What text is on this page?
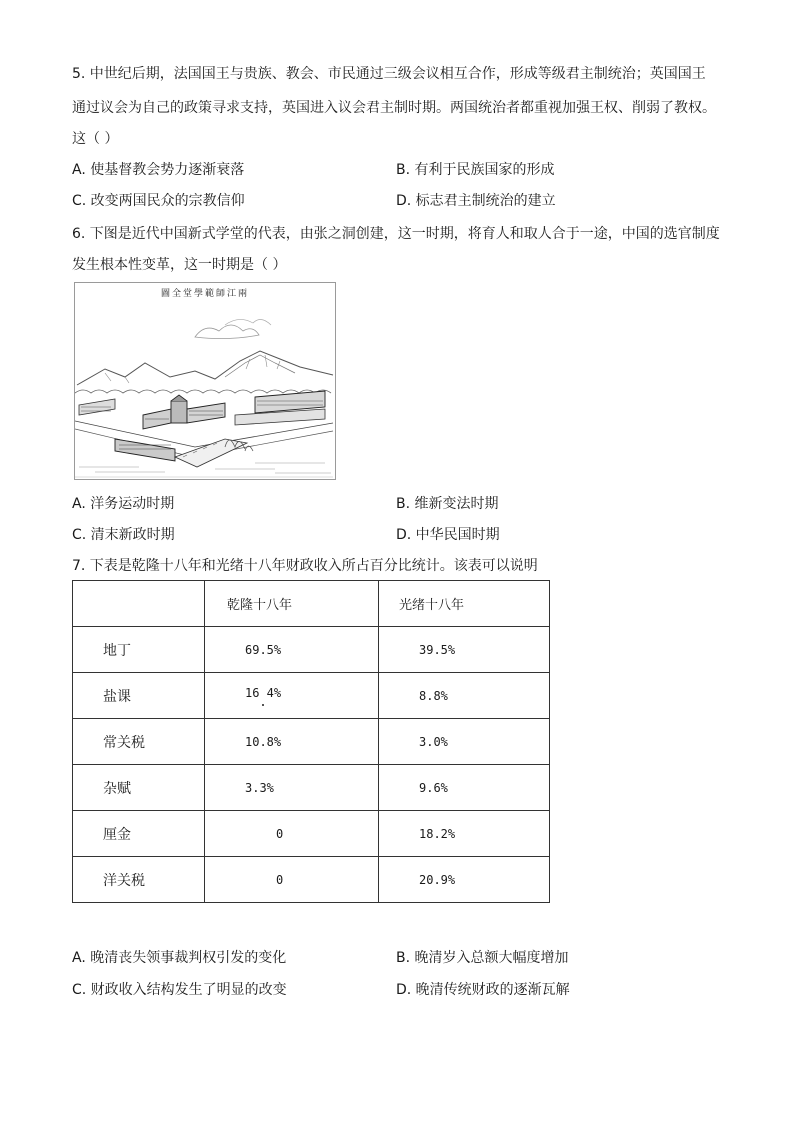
5. 中世纪后期，法国国王与贵族、教会、市民通过三级会议相互合作，形成等级君主制统治；英国国王
通过议会为自己的政策寻求支持，英国进入议会君主制时期。两国统治者都重视加强王权、削弱了教权。
这（ ）
A. 使基督教会势力逐渐衰落	B. 有利于民族国家的形成
C. 改变两国民众的宗教信仰	D. 标志君主制统治的建立
6. 下图是近代中国新式学堂的代表，由张之洞创建，这一时期，将育人和取人合于一途，中国的选官制度
发生根本性变革，这一时期是（ ）
圖全堂學範師江兩
A. 洋务运动时期	B. 维新变法时期
C. 清末新政时期	D. 中华民国时期
7. 下表是乾隆十八年和光绪十八年财政收入所占百分比统计。该表可以说明
	乾隆十八年	光绪十八年
地丁	69.5%	39.5%
盐课	16 4%	8.8%
常关税	10.8%	3.0%
杂赋	3.3%	9.6%
厘金	0	18.2%
洋关税	0	20.9%
A. 晚清丧失领事裁判权引发的变化	B. 晚清岁入总额大幅度增加
C. 财政收入结构发生了明显的改变	D. 晚清传统财政的逐渐瓦解
